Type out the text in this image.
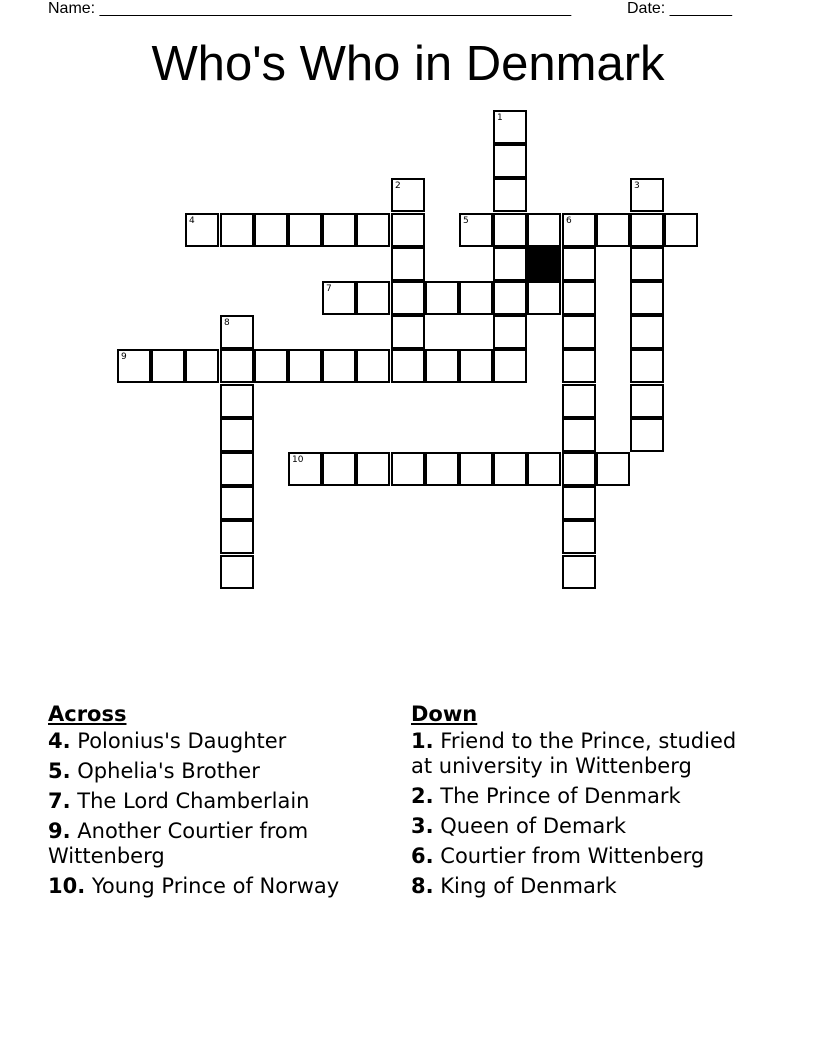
Name: _____________________________________________________	Date: _______
Who's Who in Denmark
1
2	3
4	5	6
7
8
9
10
Across
4. Polonius's Daughter
5. Ophelia's Brother
7. The Lord Chamberlain
9. Another Courtier from Wittenberg
10. Young Prince of Norway
Down
1. Friend to the Prince, studied at university in Wittenberg
2. The Prince of Denmark
3. Queen of Demark
6. Courtier from Wittenberg
8. King of Denmark
